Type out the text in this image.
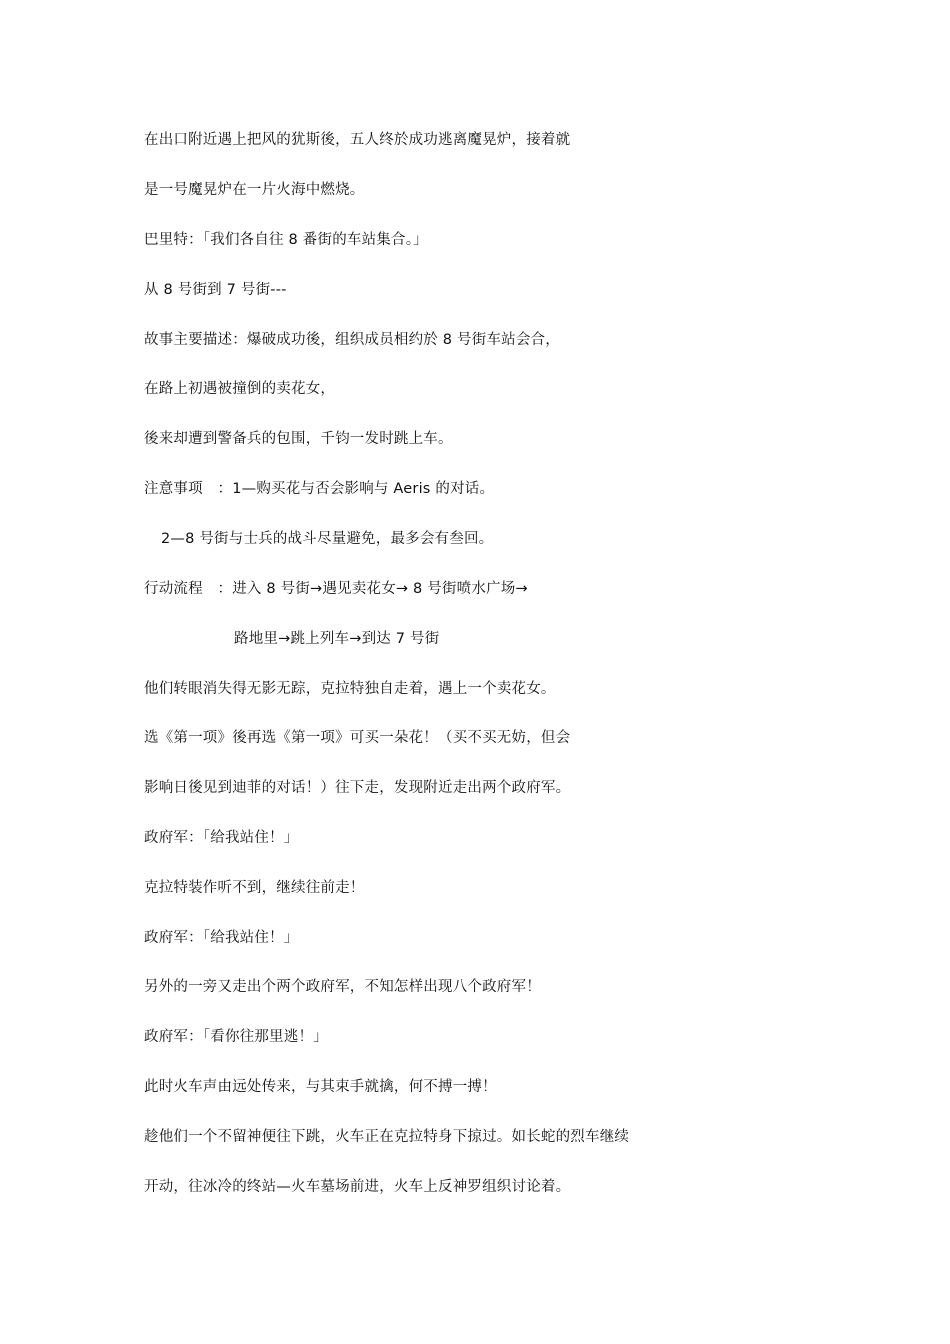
在出口附近遇上把风的犹斯後，五人终於成功逃离魔晃炉，接着就
是一号魔晃炉在一片火海中燃烧。
巴里特：「我们各自往 8 番街的车站集合。」
从 8 号街到 7 号街---
故事主要描述：爆破成功後，组织成员相约於 8 号街车站会合，
在路上初遇被撞倒的卖花女，
後来却遭到警备兵的包围，千钧一发时跳上车。
注意事项　：1—购买花与否会影响与 Aeris 的对话。
2—8 号街与士兵的战斗尽量避免，最多会有叁回。
行动流程　：进入 8 号街→遇见卖花女→ 8 号街喷水广场→
路地里→跳上列车→到达 7 号街
他们转眼消失得无影无踪，克拉特独自走着，遇上一个卖花女。
选《第一项》後再选《第一项》可买一朵花！（买不买无妨，但会
影响日後见到迪菲的对话！）往下走，发现附近走出两个政府军。
政府军：「给我站住！」
克拉特装作听不到，继续往前走！
政府军：「给我站住！」
另外的一旁又走出个两个政府军，不知怎样出现八个政府军！
政府军：「看你往那里逃！」
此时火车声由远处传来，与其束手就擒，何不搏一搏！
趁他们一个不留神便往下跳，火车正在克拉特身下掠过。如长蛇的烈车继续
开动，往冰冷的终站—火车墓场前进，火车上反神罗组织讨论着。
